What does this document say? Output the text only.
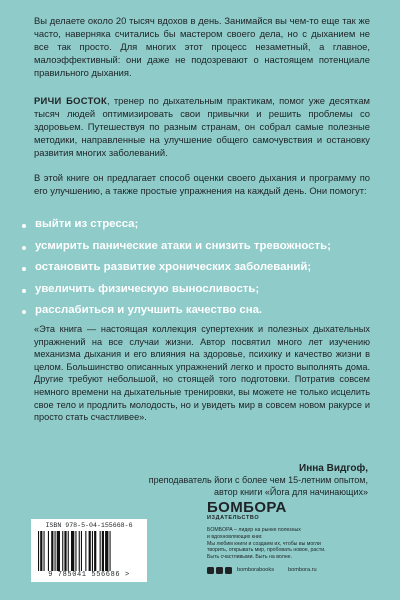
Вы делаете около 20 тысяч вдохов в день. Занимайся вы чем-то еще так же часто, наверняка считались бы мастером своего дела, но с дыханием не все так просто. Для многих этот процесс незаметный, а главное, малоэффективный: они даже не подозревают о настоящем потенциале правильного дыхания.

РИЧИ БОСТОК, тренер по дыхательным практикам, помог уже десяткам тысяч людей оптимизировать свои привычки и решить проблемы со здоровьем. Путешествуя по разным странам, он собрал самые полезные методики, направленные на улучшение общего самочувствия и остановку развития многих заболеваний.

В этой книге он предлагает способ оценки своего дыхания и программу по его улучшению, а также простые упражнения на каждый день. Они помогут:

выйти из стресса;
усмирить панические атаки и снизить тревожность;
остановить развитие хронических заболеваний;
увеличить физическую выносливость;
расслабиться и улучшить качество сна.

«Эта книга — настоящая коллекция супертехник и полезных дыхательных упражнений на все случаи жизни. Автор посвятил много лет изучению механизма дыхания и его влияния на здоровье, психику и качество жизни в целом. Большинство описанных упражнений легко и просто выполнять дома. Другие требуют небольшой, но стоящей того подготовки. Потратив совсем немного времени на дыхательные тренировки, вы можете не только исцелить свое тело и продлить молодость, но и увидеть мир в совсем новом ракурсе и просто стать счастливее».

Инна Видгоф,
преподаватель йоги с более чем 15-летним опытом,
автор книги «Йога для начинающих»
ISBN 978-5-04-155668-6
9 785041 556686 >
БОМБОРА
ИЗДАТЕЛЬСТВО
БОМБОРА – лидер на рынке полезных
и вдохновляющих книг.
Мы любим книги и создаем их, чтобы вы могли
творить, открывать мир, пробовать новое, расти.
Быть счастливыми. Быть на волне.
bomborabooks	bombora.ru
